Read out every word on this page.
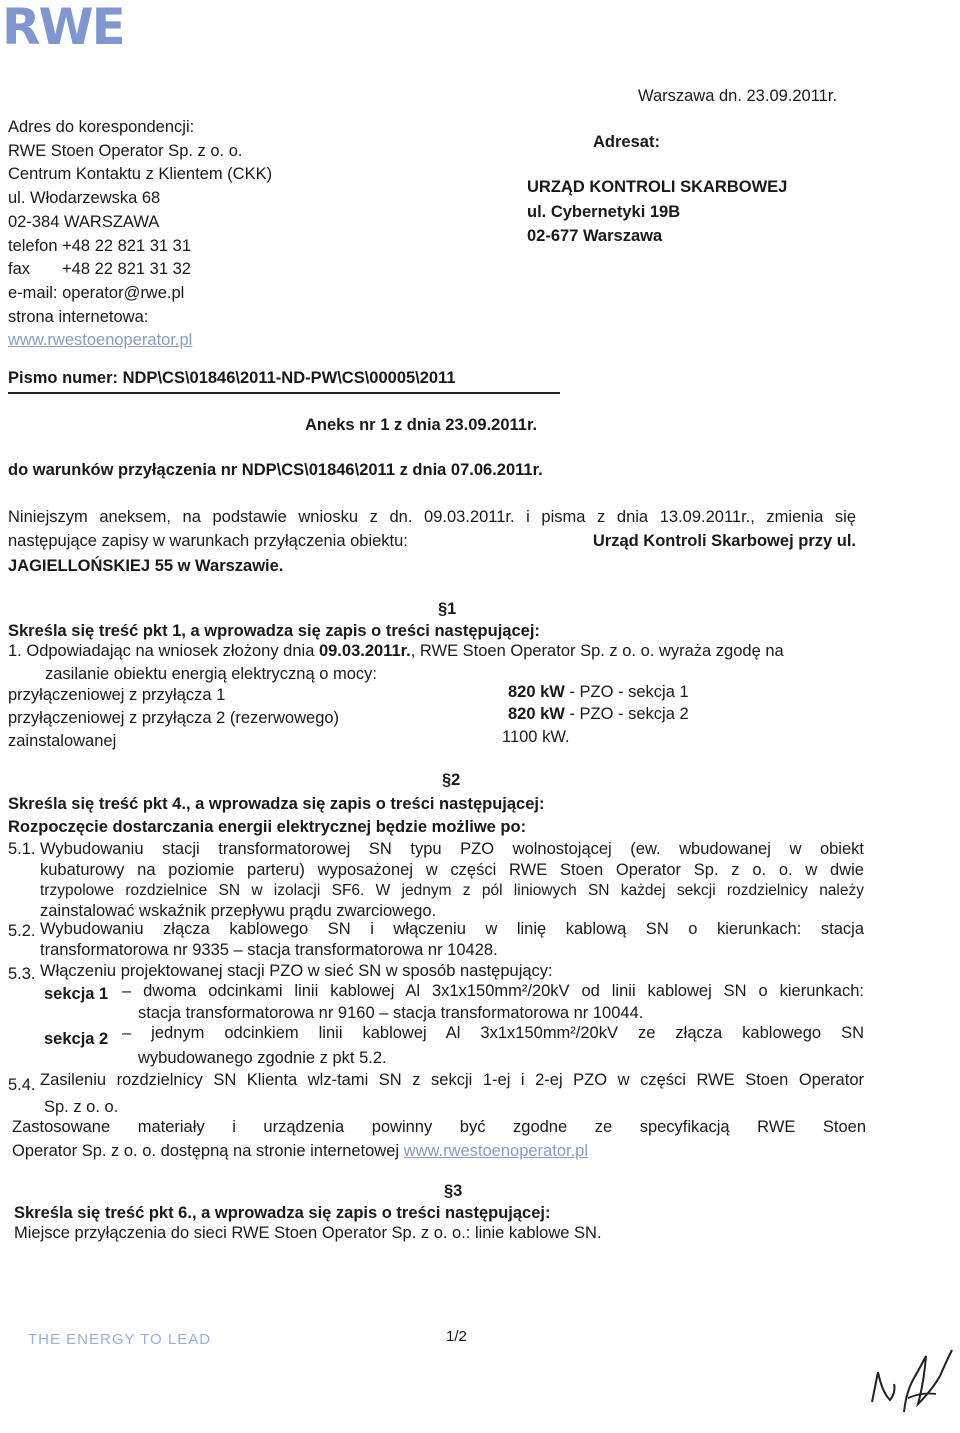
RWE
Warszawa dn. 23.09.2011r.
Adres do korespondencji:
RWE Stoen Operator Sp. z o. o.
Centrum Kontaktu z Klientem (CKK)
ul. Włodarzewska 68
02-384 WARSZAWA
telefon +48 22 821 31 31
fax +48 22 821 31 32
e-mail: operator@rwe.pl
strona internetowa:
www.rwestoenoperator.pl
Adresat:
URZĄD KONTROLI SKARBOWEJ
ul. Cybernetyki 19B
02-677 Warszawa
Pismo numer: NDP\CS\01846\2011-ND-PW\CS\00005\2011
Aneks nr 1 z dnia 23.09.2011r.
do warunków przyłączenia nr NDP\CS\01846\2011 z dnia 07.06.2011r.
Niniejszym aneksem, na podstawie wniosku z dn. 09.03.2011r. i pisma z dnia 13.09.2011r., zmienia się
następujące zapisy w warunkach przyłączenia obiektu:	Urząd Kontroli Skarbowej przy ul.
JAGIELLOŃSKIEJ 55 w Warszawie.
§1
Skreśla się treść pkt 1, a wprowadza się zapis o treści następującej:
1. Odpowiadając na wniosek złożony dnia 09.03.2011r., RWE Stoen Operator Sp. z o. o. wyraża zgodę na
zasilanie obiektu energią elektryczną o mocy:
przyłączeniowej z przyłącza 1	820 kW - PZO - sekcja 1
przyłączeniowej z przyłącza 2 (rezerwowego)	820 kW - PZO - sekcja 2
zainstalowanej	1100 kW.
§2
Skreśla się treść pkt 4., a wprowadza się zapis o treści następującej:
Rozpoczęcie dostarczania energii elektrycznej będzie możliwe po:
5.1. Wybudowaniu stacji transformatorowej SN typu PZO wolnostojącej (ew. wbudowanej w obiekt
kubaturowy na poziomie parteru) wyposażonej w części RWE Stoen Operator Sp. z o. o. w dwie
trzypolowe rozdzielnice SN w izolacji SF6. W jednym z pól liniowych SN każdej sekcji rozdzielnicy należy
zainstalować wskaźnik przepływu prądu zwarciowego.
5.2. Wybudowaniu złącza kablowego SN i włączeniu w linię kablową SN o kierunkach: stacja
transformatorowa nr 9335 – stacja transformatorowa nr 10428.
5.3. Włączeniu projektowanej stacji PZO w sieć SN w sposób następujący:
sekcja 1 – dwoma odcinkami linii kablowej Al 3x1x150mm²/20kV od linii kablowej SN o kierunkach:
stacja transformatorowa nr 9160 – stacja transformatorowa nr 10044.
sekcja 2 – jednym odcinkiem linii kablowej Al 3x1x150mm²/20kV ze złącza kablowego SN
wybudowanego zgodnie z pkt 5.2.
5.4. Zasileniu rozdzielnicy SN Klienta wlz-tami SN z sekcji 1-ej i 2-ej PZO w części RWE Stoen Operator
Sp. z o. o.
Zastosowane materiały i urządzenia powinny być zgodne ze specyfikacją RWE Stoen
Operator Sp. z o. o. dostępną na stronie internetowej www.rwestoenoperator.pl
§3
Skreśla się treść pkt 6., a wprowadza się zapis o treści następującej:
Miejsce przyłączenia do sieci RWE Stoen Operator Sp. z o. o.: linie kablowe SN.
THE ENERGY TO LEAD	1/2
